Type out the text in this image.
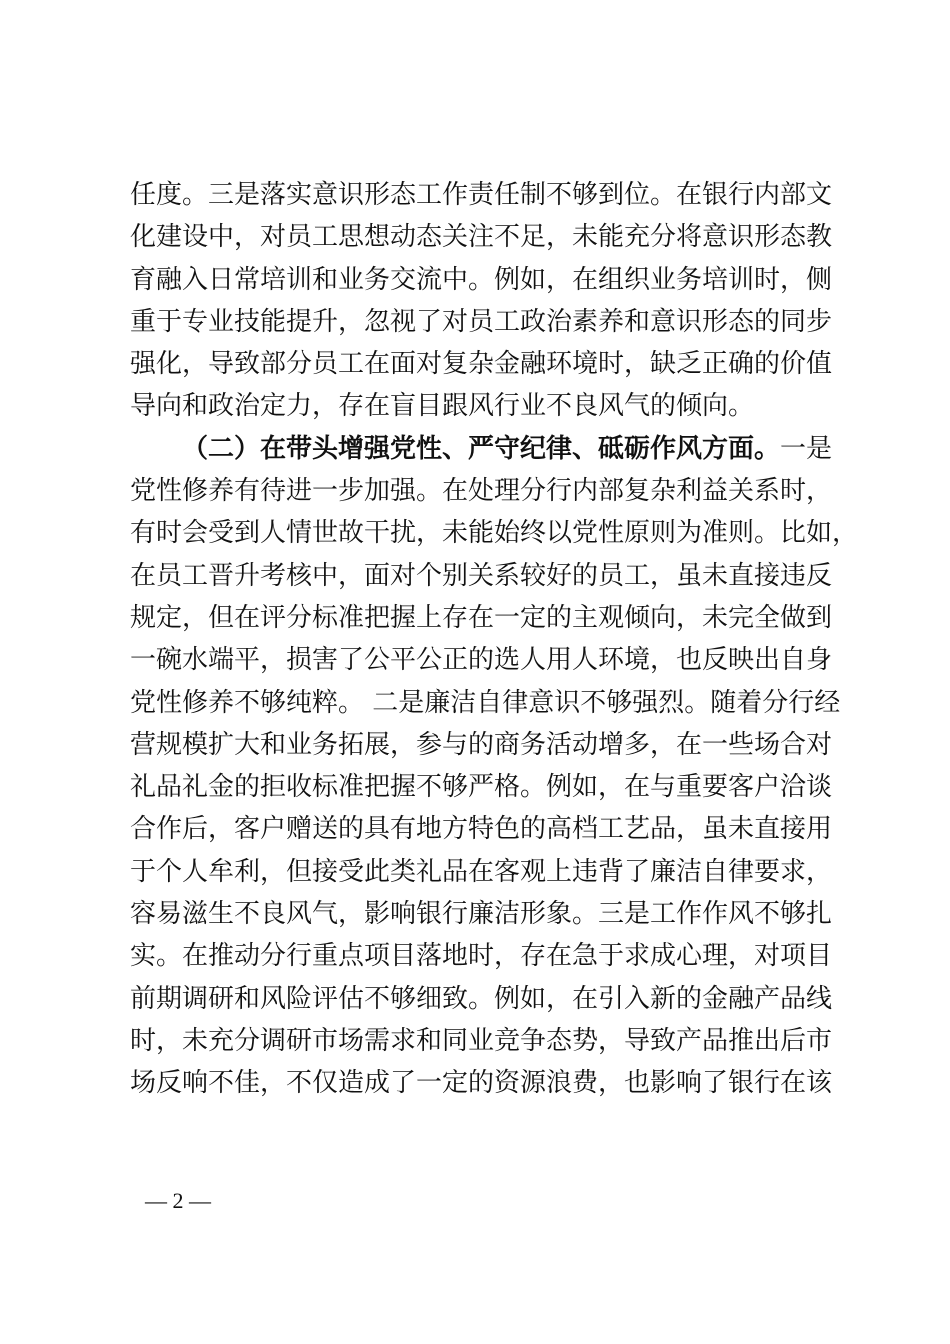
任度。三是落实意识形态工作责任制不够到位。在银行内部文
化建设中，对员工思想动态关注不足，未能充分将意识形态教
育融入日常培训和业务交流中。例如，在组织业务培训时，侧
重于专业技能提升，忽视了对员工政治素养和意识形态的同步
强化，导致部分员工在面对复杂金融环境时，缺乏正确的价值
导向和政治定力，存在盲目跟风行业不良风气的倾向。
（二）在带头增强党性、严守纪律、砥砺作风方面。一是
党性修养有待进一步加强。在处理分行内部复杂利益关系时，
有时会受到人情世故干扰，未能始终以党性原则为准则。比如，
在员工晋升考核中，面对个别关系较好的员工，虽未直接违反
规定，但在评分标准把握上存在一定的主观倾向，未完全做到
一碗水端平，损害了公平公正的选人用人环境，也反映出自身
党性修养不够纯粹。 二是廉洁自律意识不够强烈。随着分行经
营规模扩大和业务拓展，参与的商务活动增多，在一些场合对
礼品礼金的拒收标准把握不够严格。例如，在与重要客户洽谈
合作后，客户赠送的具有地方特色的高档工艺品，虽未直接用
于个人牟利，但接受此类礼品在客观上违背了廉洁自律要求，
容易滋生不良风气，影响银行廉洁形象。三是工作作风不够扎
实。在推动分行重点项目落地时，存在急于求成心理，对项目
前期调研和风险评估不够细致。例如，在引入新的金融产品线
时，未充分调研市场需求和同业竞争态势，导致产品推出后市
场反响不佳，不仅造成了一定的资源浪费，也影响了银行在该
— 2 —
